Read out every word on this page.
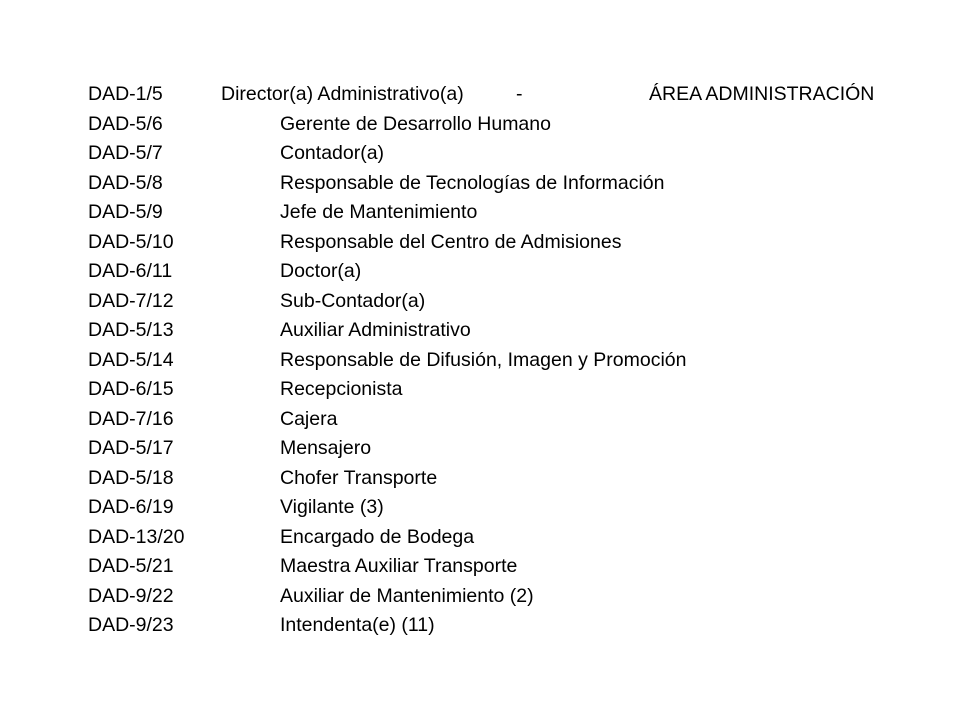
DAD-1/5	Director(a) Administrativo(a)	-	ÁREA ADMINISTRACIÓN
DAD-5/6	Gerente de Desarrollo Humano
DAD-5/7	Contador(a)
DAD-5/8	Responsable de Tecnologías de Información
DAD-5/9	Jefe de Mantenimiento
DAD-5/10	Responsable del Centro de Admisiones
DAD-6/11	Doctor(a)
DAD-7/12	Sub-Contador(a)
DAD-5/13	Auxiliar Administrativo
DAD-5/14	Responsable de Difusión, Imagen y Promoción
DAD-6/15	Recepcionista
DAD-7/16	Cajera
DAD-5/17	Mensajero
DAD-5/18	Chofer Transporte
DAD-6/19	Vigilante (3)
DAD-13/20	Encargado de Bodega
DAD-5/21	Maestra Auxiliar Transporte
DAD-9/22	Auxiliar de Mantenimiento (2)
DAD-9/23	Intendenta(e) (11)
